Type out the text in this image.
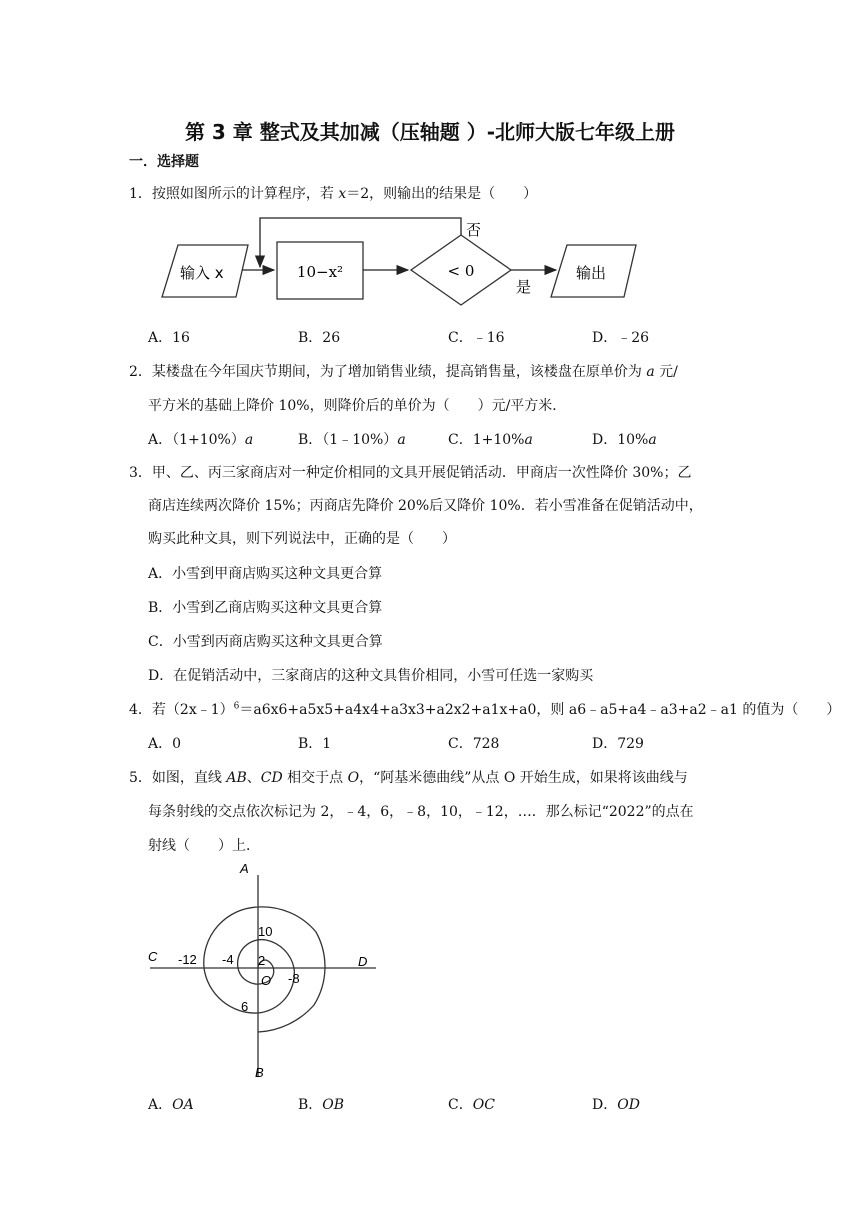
第 3 章 整式及其加减（压轴题 ）-北师大版七年级上册
一．选择题
1．按照如图所示的计算程序，若 x＝2，则输出的结果是（　　）
输入 x	10−x²	< 0
否
是
输出
A．16	B．26	C．﹣16	D．﹣26
2．某楼盘在今年国庆节期间，为了增加销售业绩，提高销售量，该楼盘在原单价为 a 元/
平方米的基础上降价 10%，则降价后的单价为（　　）元/平方米．
A．（1+10%）a	B．（1﹣10%）a	C．1+10%a	D．10%a
3．甲、乙、丙三家商店对一种定价相同的文具开展促销活动．甲商店一次性降价 30%；乙
商店连续两次降价 15%；丙商店先降价 20%后又降价 10%．若小雪准备在促销活动中，
购买此种文具，则下列说法中，正确的是（　　）
A．小雪到甲商店购买这种文具更合算
B．小雪到乙商店购买这种文具更合算
C．小雪到丙商店购买这种文具更合算
D．在促销活动中，三家商店的这种文具售价相同，小雪可任选一家购买
4．若（2x﹣1）$^6$＝a6x6+a5x5+a4x4+a3x3+a2x2+a1x+a0，则 a6﹣a5+a4﹣a3+a2﹣a1 的值为（　　）
A．0	B．1	C．728	D．729
5．如图，直线 AB、CD 相交于点 O，“阿基米德曲线”从点 O 开始生成，如果将该曲线与
每条射线的交点依次标记为 2，﹣4，6，﹣8，10，﹣12，…．那么标记“2022”的点在
射线（　　）上．
A
B
C	D
O
10
-12 -4 2
-8
6
A．OA	B．OB	C．OC	D．OD
